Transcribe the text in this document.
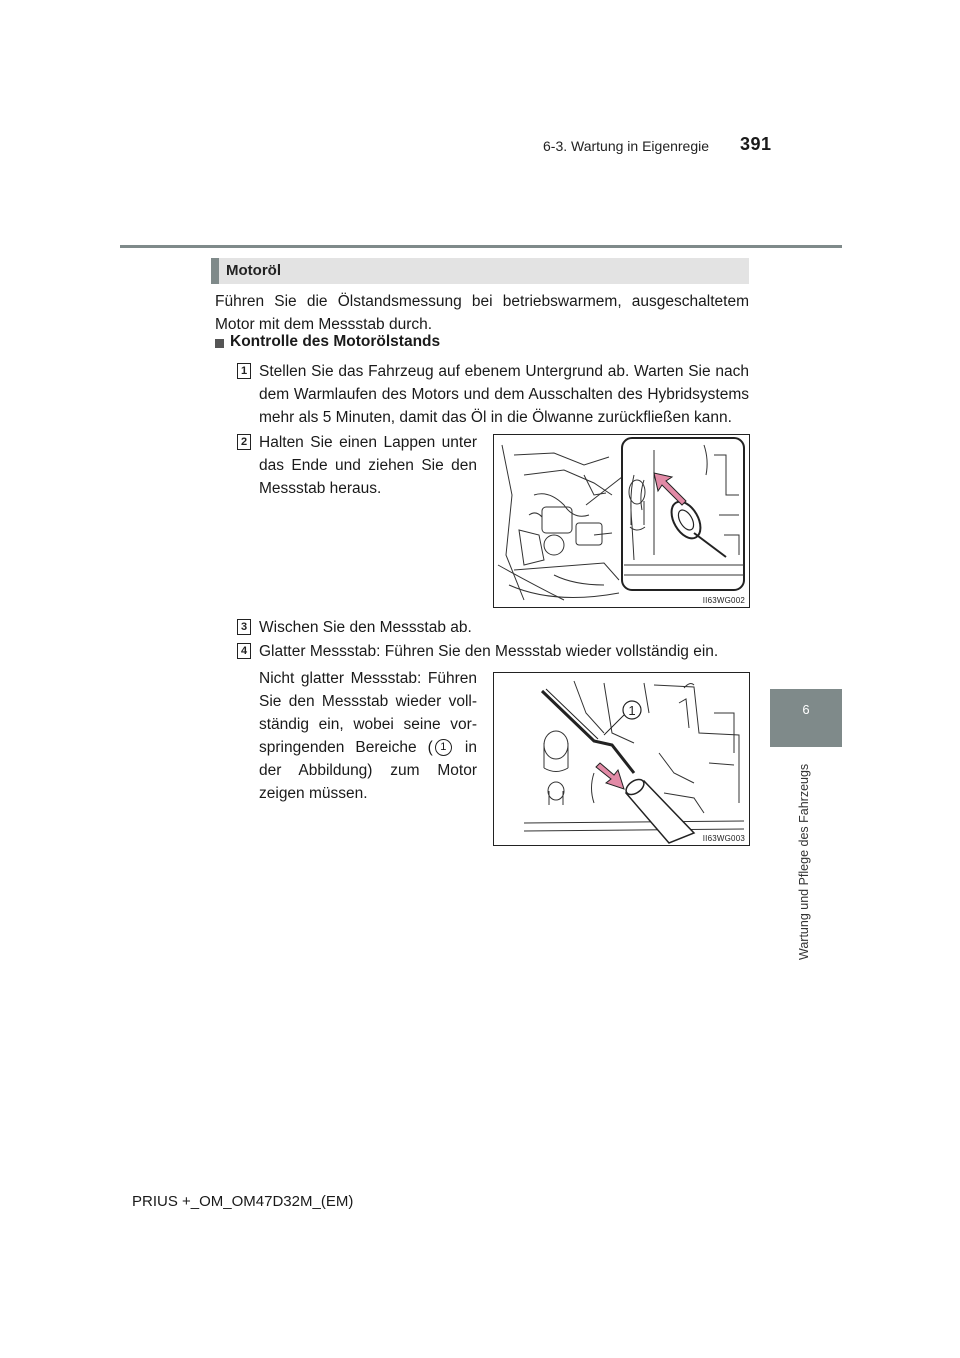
6-3. Wartung in Eigenregie 391
6
Wartung und Pflege des Fahrzeugs
Motoröl
Führen Sie die Ölstandsmessung bei betriebswarmem, ausgeschaltetem Motor mit dem Messstab durch.
Kontrolle des Motorölstands
1 Stellen Sie das Fahrzeug auf ebenem Untergrund ab. Warten Sie nach dem Warmlaufen des Motors und dem Ausschalten des Hybridsystems mehr als 5 Minuten, damit das Öl in die Ölwanne zurückfließen kann.
2 Halten Sie einen Lappen unter das Ende und ziehen Sie den Messstab heraus.
II63WG002
3 Wischen Sie den Messstab ab.
4 Glatter Messstab: Führen Sie den Messstab wieder vollständig ein.
Nicht glatter Messstab: Führen Sie den Messstab wieder voll-ständig ein, wobei seine vor-springenden Bereiche ( 1 in der Abbildung) zum Motor zeigen müssen.
1
II63WG003
PRIUS +_OM_OM47D32M_(EM)
